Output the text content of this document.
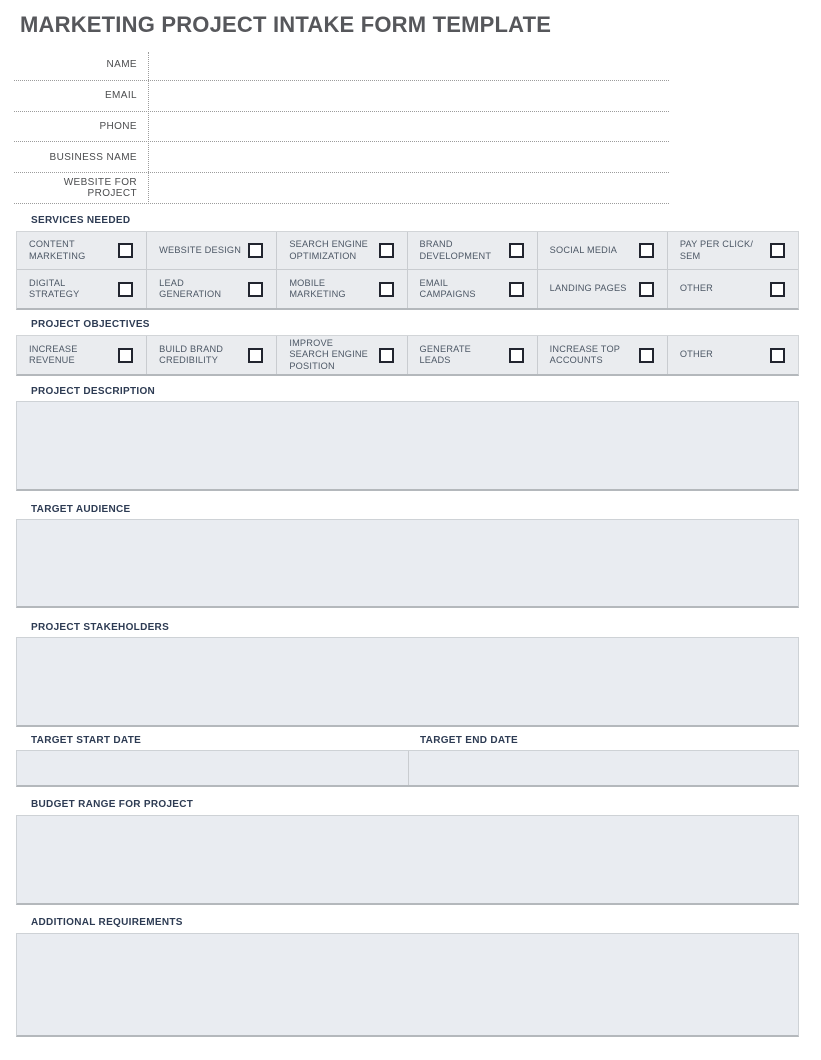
MARKETING PROJECT INTAKE FORM TEMPLATE
NAME
EMAIL
PHONE
BUSINESS NAME
WEBSITE FOR PROJECT
SERVICES NEEDED
CONTENT MARKETING
WEBSITE DESIGN
SEARCH ENGINE OPTIMIZATION
BRAND DEVELOPMENT
SOCIAL MEDIA
PAY PER CLICK/ SEM
DIGITAL STRATEGY
LEAD GENERATION
MOBILE MARKETING
EMAIL CAMPAIGNS
LANDING PAGES	OTHER
PROJECT OBJECTIVES
INCREASE REVENUE
BUILD BRAND CREDIBILITY
IMPROVE SEARCH ENGINE POSITION
GENERATE LEADS
INCREASE TOP ACCOUNTS
OTHER
PROJECT DESCRIPTION
TARGET AUDIENCE
PROJECT STAKEHOLDERS
TARGET START DATE	TARGET END DATE
BUDGET RANGE FOR PROJECT
ADDITIONAL REQUIREMENTS
